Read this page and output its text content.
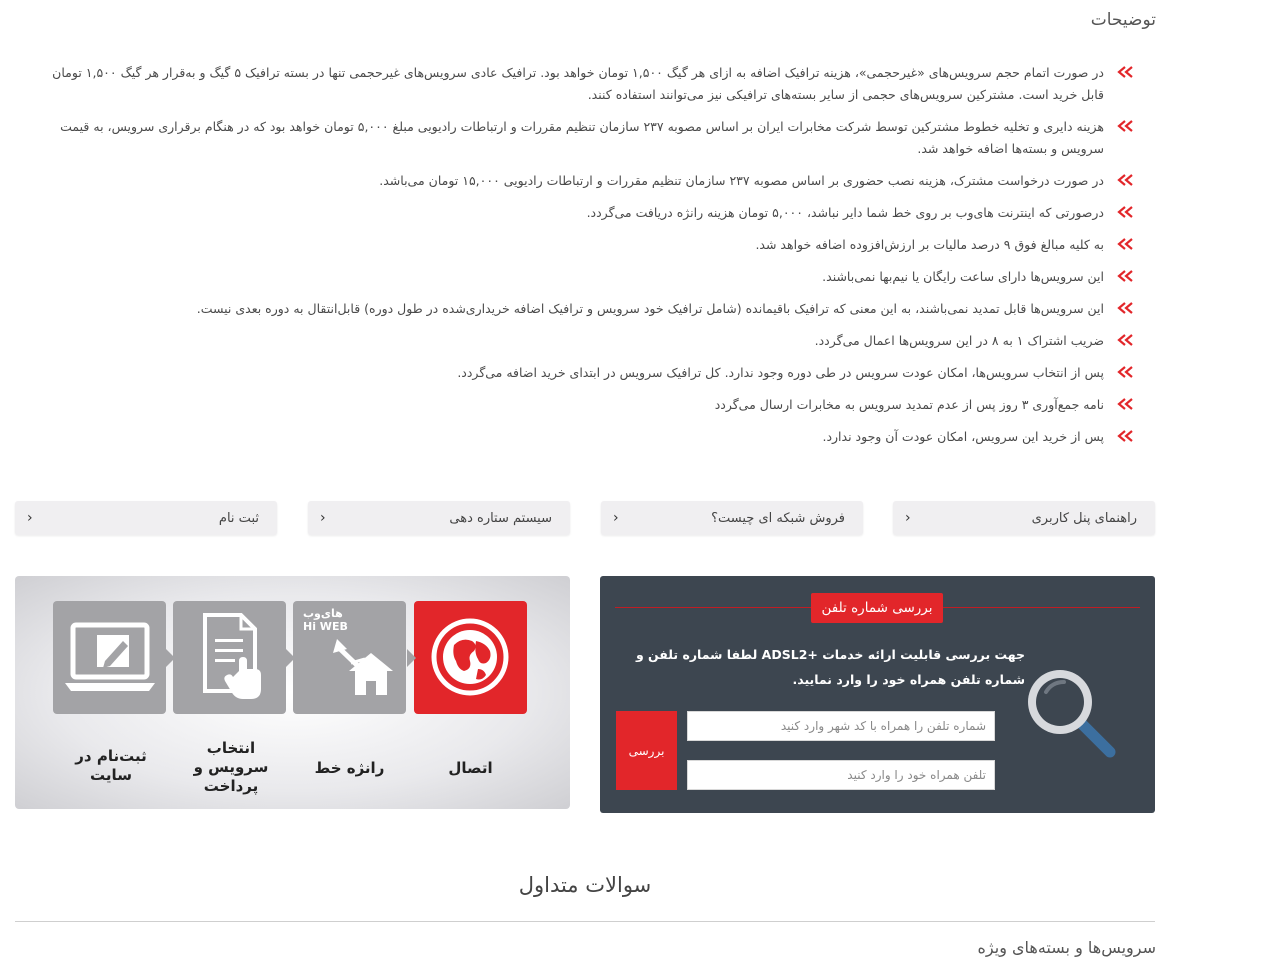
توضیحات
در صورت اتمام حجم سرویس‌های «غیرحجمی»، هزینه ترافیک اضافه به ازای هر گیگ ۱,۵۰۰ تومان خواهد بود. ترافیک عادی سرویس‌های غیرحجمی تنها در بسته ترافیک ۵ گیگ و به‌قرار هر گیگ ۱,۵۰۰ تومان قابل خرید است. مشترکین سرویس‌های حجمی از سایر بسته‌های ترافیکی نیز می‌توانند استفاده کنند.
هزینه دایری و تخلیه خطوط مشترکین توسط شرکت مخابرات ایران بر اساس مصوبه ۲۳۷ سازمان تنظیم مقررات و ارتباطات رادیویی مبلغ ۵,۰۰۰ تومان خواهد بود که در هنگام برقراری سرویس، به قیمت سرویس و بسته‌ها اضافه خواهد شد.
در صورت درخواست مشترک، هزینه نصب حضوری بر اساس مصوبه ۲۳۷ سازمان تنظیم مقررات و ارتباطات رادیویی ۱۵,۰۰۰ تومان می‌باشد.
درصورتی که اینترنت های‌وب بر روی خط شما دایر نباشد، ۵,۰۰۰ تومان هزینه رانژه دریافت می‌گردد.
به کلیه مبالغ فوق ۹ درصد مالیات بر ارزش‌افزوده اضافه خواهد شد.
این سرویس‌ها دارای ساعت رایگان یا نیم‌بها نمی‌باشند.
این سرویس‌ها قابل تمدید نمی‌باشند، به این معنی که ترافیک باقیمانده (شامل ترافیک خود سرویس و ترافیک اضافه خریداری‌شده در طول دوره) قابل‌انتقال به دوره بعدی نیست.
ضریب اشتراک ۱ به ۸ در این سرویس‌ها اعمال می‌گردد.
پس از انتخاب سرویس‌ها، امکان عودت سرویس در طی دوره وجود ندارد. کل ترافیک سرویس در ابتدای خرید اضافه می‌گردد.
نامه جمع‌آوری ۳ روز پس از عدم تمدید سرویس به مخابرات ارسال می‌گردد
پس از خرید این سرویس، امکان عودت آن وجود ندارد.
راهنمای پنل کاربری
›
فروش شبکه ای چیست؟
›
سیستم ستاره دهی
›
ثبت نام
›
های‌وب
Hi WEB
اتصال
رانژه خط
انتخاب سرویس و پرداخت
ثبت‌نام در سایت
بررسی شماره تلفن
جهت بررسی قابلیت ارائه خدمات +ADSL2 لطفا شماره تلفن و شماره تلفن همراه خود را وارد نمایید.
شماره تلفن را همراه با کد شهر وارد کنید
تلفن همراه خود را وارد کنید
بررسی
سوالات متداول
سرویس‌ها و بسته‌های ویژه
